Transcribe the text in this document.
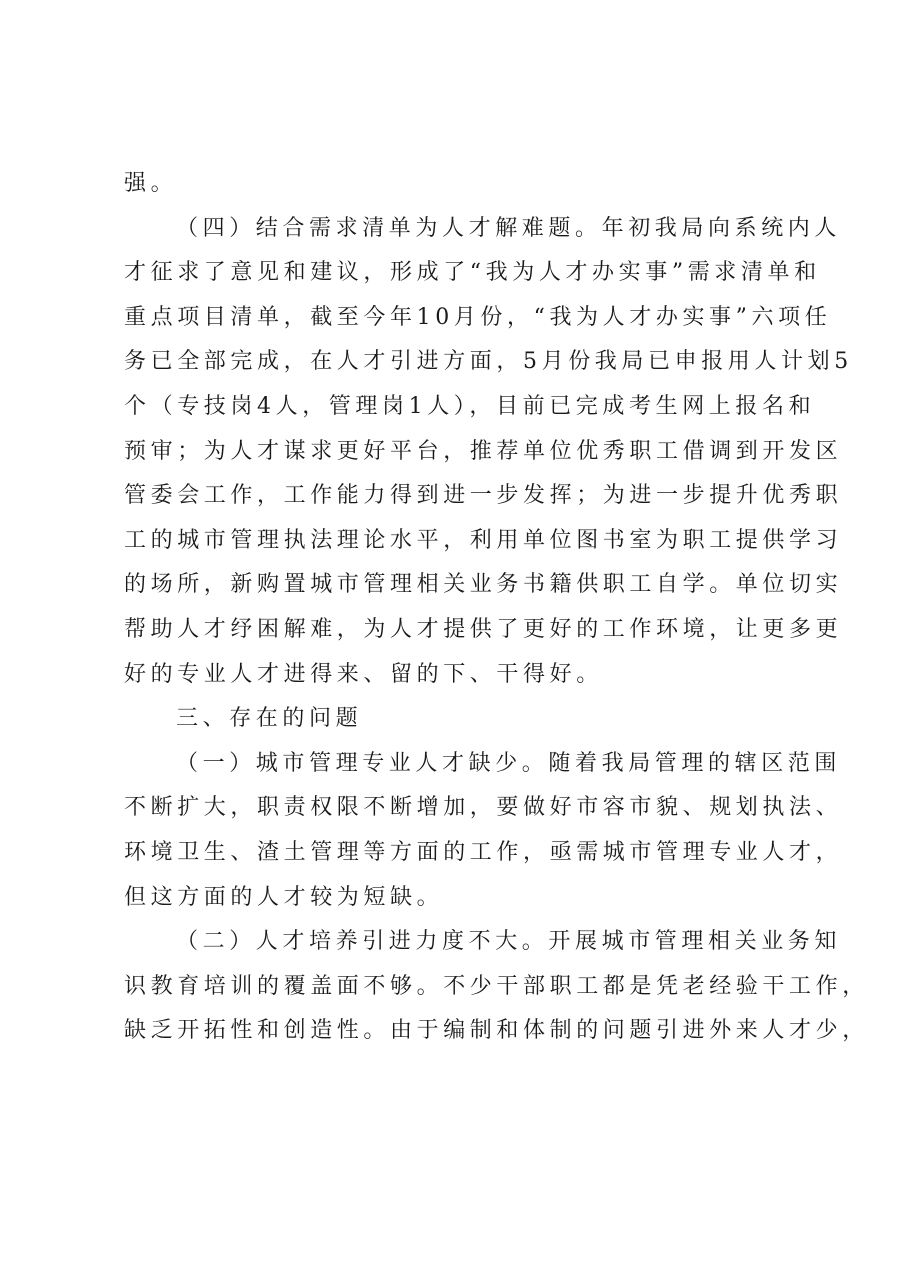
强。
（四）结合需求清单为人才解难题。年初我局向系统内人
才征求了意见和建议，形成了“我为人才办实事”需求清单和
重点项目清单，截至今年10月份，“我为人才办实事”六项任
务已全部完成，在人才引进方面，5月份我局已申报用人计划5
个（专技岗4人，管理岗1人），目前已完成考生网上报名和
预审；为人才谋求更好平台，推荐单位优秀职工借调到开发区
管委会工作，工作能力得到进一步发挥；为进一步提升优秀职
工的城市管理执法理论水平，利用单位图书室为职工提供学习
的场所，新购置城市管理相关业务书籍供职工自学。单位切实
帮助人才纾困解难，为人才提供了更好的工作环境，让更多更
好的专业人才进得来、留的下、干得好。
三、存在的问题
（一）城市管理专业人才缺少。随着我局管理的辖区范围
不断扩大，职责权限不断增加，要做好市容市貌、规划执法、
环境卫生、渣土管理等方面的工作，亟需城市管理专业人才，
但这方面的人才较为短缺。
（二）人才培养引进力度不大。开展城市管理相关业务知
识教育培训的覆盖面不够。不少干部职工都是凭老经验干工作，
缺乏开拓性和创造性。由于编制和体制的问题引进外来人才少，
